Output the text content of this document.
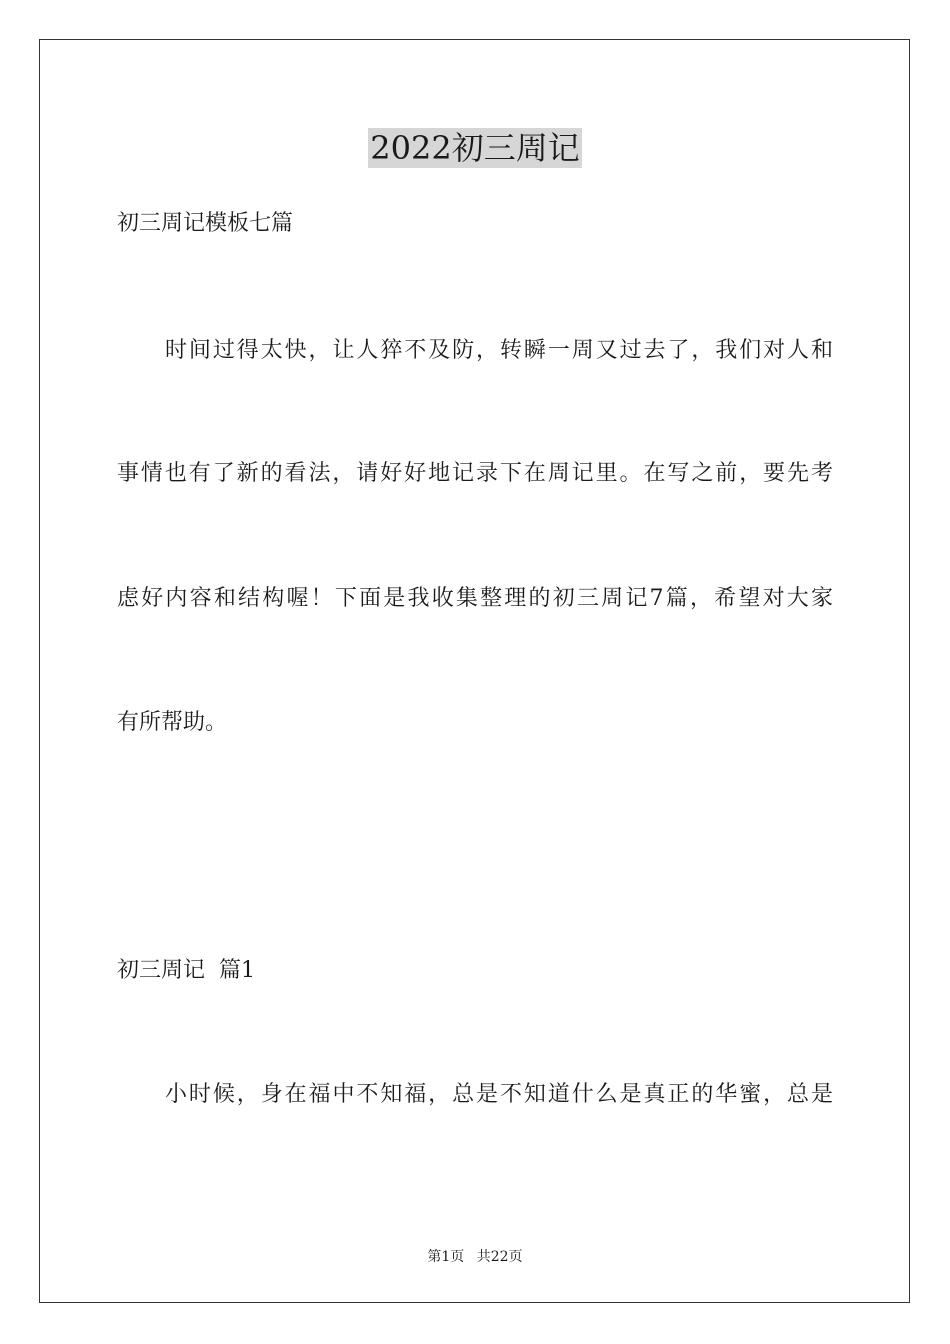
2022初三周记
初三周记模板七篇
时间过得太快，让人猝不及防，转瞬一周又过去了，我们对人和
事情也有了新的看法，请好好地记录下在周记里。在写之前，要先考
虑好内容和结构喔！下面是我收集整理的初三周记7篇，希望对大家
有所帮助。
初三周记  篇1
小时候，身在福中不知福，总是不知道什么是真正的华蜜，总是
第1页 共22页
